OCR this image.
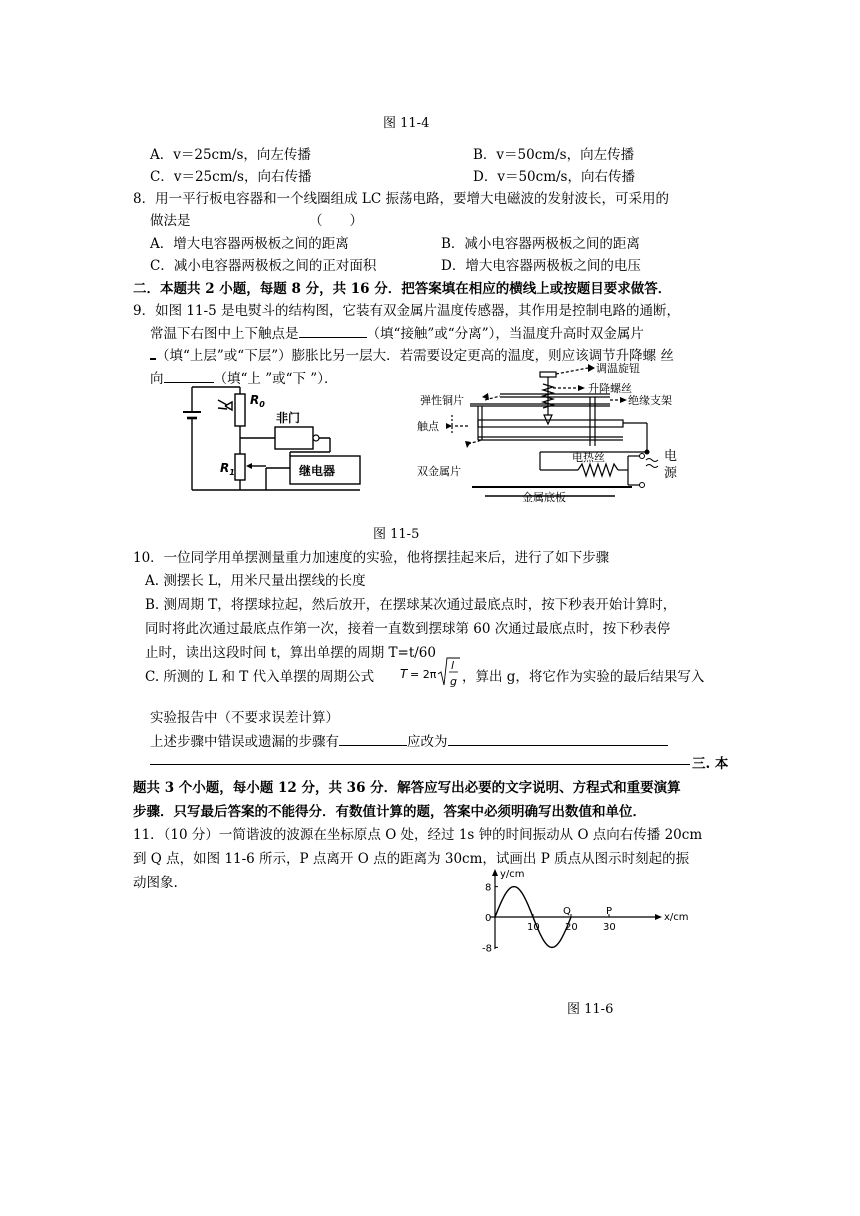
图 11-4
A．v＝25cm/s，向左传播	B．v＝50cm/s，向左传播
C．v＝25cm/s，向右传播	D．v＝50cm/s，向右传播
8．用一平行板电容器和一个线圈组成 LC 振荡电路，要增大电磁波的发射波长，可采用的
做法是	（　　）
A．增大电容器两极板之间的距离	B．减小电容器两极板之间的距离
C．减小电容器两极板之间的正对面积	D．增大电容器两极板之间的电压
二．本题共 2 小题，每题 8 分，共 16 分．把答案填在相应的横线上或按题目要求做答．
9．如图 11-5 是电熨斗的结构图，它装有双金属片温度传感器，其作用是控制电路的通断，
常温下右图中上下触点是	（填“接触”或“分离”），当温度升高时双金属片
（填“上层”或“下层”）膨胀比另一层大．若需要设定更高的温度，则应该调节升降螺 丝
向	（填“上 ”或“下 ”）．
$R_0$
$R_1$
非门
继电器
调温旋钮
升降螺丝
绝缘支架
弹性铜片
触点
双金属片
电热丝	电
源
金属底板
图 11-5
10．一位同学用单摆测量重力加速度的实验，他将摆挂起来后，进行了如下步骤
A. 测摆长 L，用米尺量出摆线的长度
B. 测周期 T，将摆球拉起，然后放开，在摆球某次通过最底点时，按下秒表开始计算时，
同时将此次通过最底点作第一次，接着一直数到摆球第 60 次通过最底点时，按下秒表停
止时，读出这段时间 t，算出单摆的周期 T=t/60
C. 所测的 L 和 T 代入单摆的周期公式 T = 2π
l
g ，算出 g，将它作为实验的最后结果写入
实验报告中（不要求误差计算）
上述步骤中错误或遗漏的步骤有	应改为
三. 本
题共 3 个小题，每小题 12 分，共 36 分．解答应写出必要的文字说明、方程式和重要演算
步骤．只写最后答案的不能得分．有数值计算的题，答案中必须明确写出数值和单位．
11．（10 分）一简谐波的波源在坐标原点 O 处，经过 1s 钟的时间振动从 O 点向右传播 20cm
到 Q 点，如图 11-6 所示，P 点离开 O 点的距离为 30cm，试画出 P 质点从图示时刻起的振
动图象.
y/cm
x/cm
10	20	30
8
0
-8
Q	P
图 11-6
